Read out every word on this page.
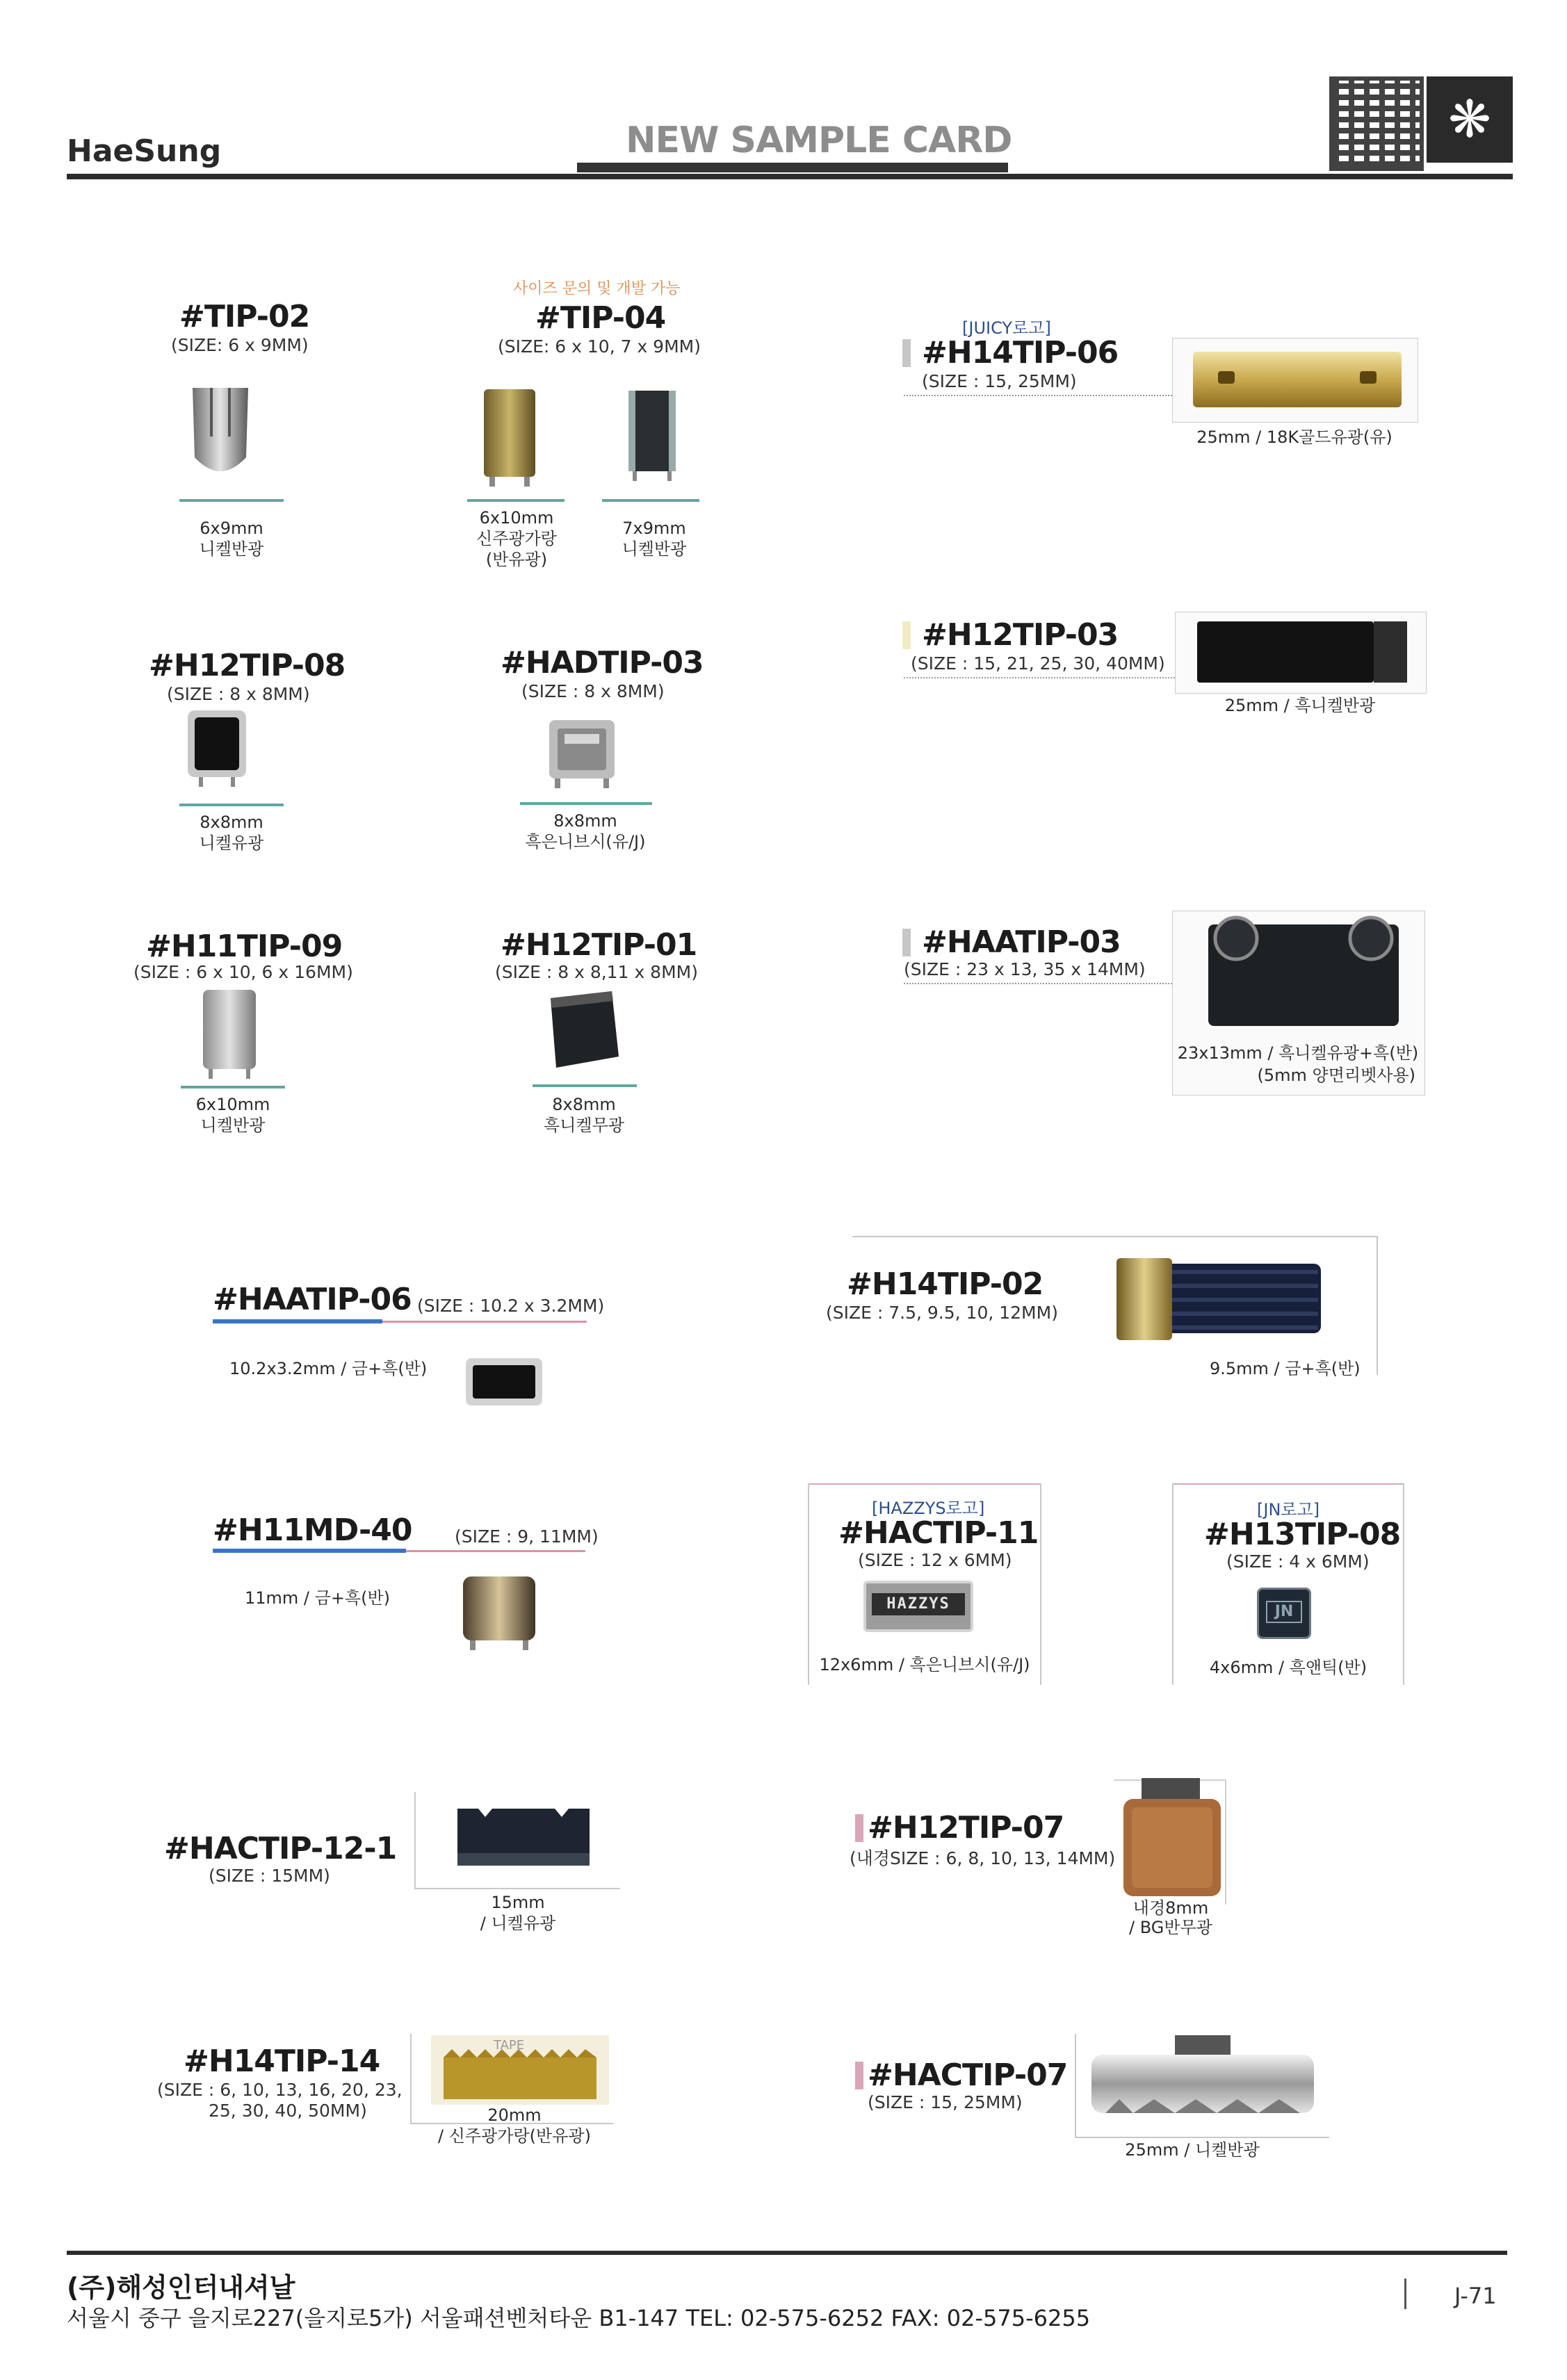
HaeSung	NEW SAMPLE CARD	❋
#TIP-02
(SIZE: 6 x 9MM)
6x9mm
니켈반광
사이즈 문의 및 개발 가능
#TIP-04
(SIZE: 6 x 10, 7 x 9MM)
6x10mm
신주광가랑
(반유광)
7x9mm
니켈반광
[JUICY로고]
#H14TIP-06
(SIZE : 15, 25MM)
25mm / 18K골드유광(유)
#H12TIP-08
(SIZE : 8 x 8MM)
8x8mm
니켈유광
#HADTIP-03
(SIZE : 8 x 8MM)
8x8mm
흑은니브시(유/J)
#H12TIP-03
(SIZE : 15, 21, 25, 30, 40MM)
25mm / 흑니켈반광
#H11TIP-09
(SIZE : 6 x 10, 6 x 16MM)
6x10mm
니켈반광
#H12TIP-01
(SIZE : 8 x 8,11 x 8MM)
8x8mm
흑니켈무광
#HAATIP-03
(SIZE : 23 x 13, 35 x 14MM)
23x13mm / 흑니켈유광+흑(반)
(5mm 양면리벳사용)
#HAATIP-06 (SIZE : 10.2 x 3.2MM)
10.2x3.2mm / 금+흑(반)
#H14TIP-02
(SIZE : 7.5, 9.5, 10, 12MM)
9.5mm / 금+흑(반)
#H11MD-40 (SIZE : 9, 11MM)
11mm / 금+흑(반)
[HAZZYS로고]
#HACTIP-11
(SIZE : 12 x 6MM)
HAZZYS
12x6mm / 흑은니브시(유/J)
[JN로고]
#H13TIP-08
(SIZE : 4 x 6MM)
JN
4x6mm / 흑앤틱(반)
#HACTIP-12-1
(SIZE : 15MM)
15mm
/ 니켈유광
#H12TIP-07
(내경SIZE : 6, 8, 10, 13, 14MM)
내경8mm
/ BG반무광
#H14TIP-14
(SIZE : 6, 10, 13, 16, 20, 23,
25, 30, 40, 50MM)
TAPE
20mm
/ 신주광가랑(반유광)
#HACTIP-07
(SIZE : 15, 25MM)
25mm / 니켈반광
(주)해성인터내셔날
서울시 중구 을지로227(을지로5가) 서울패션벤처타운 B1-147 TEL: 02-575-6252 FAX: 02-575-6255
J-71
